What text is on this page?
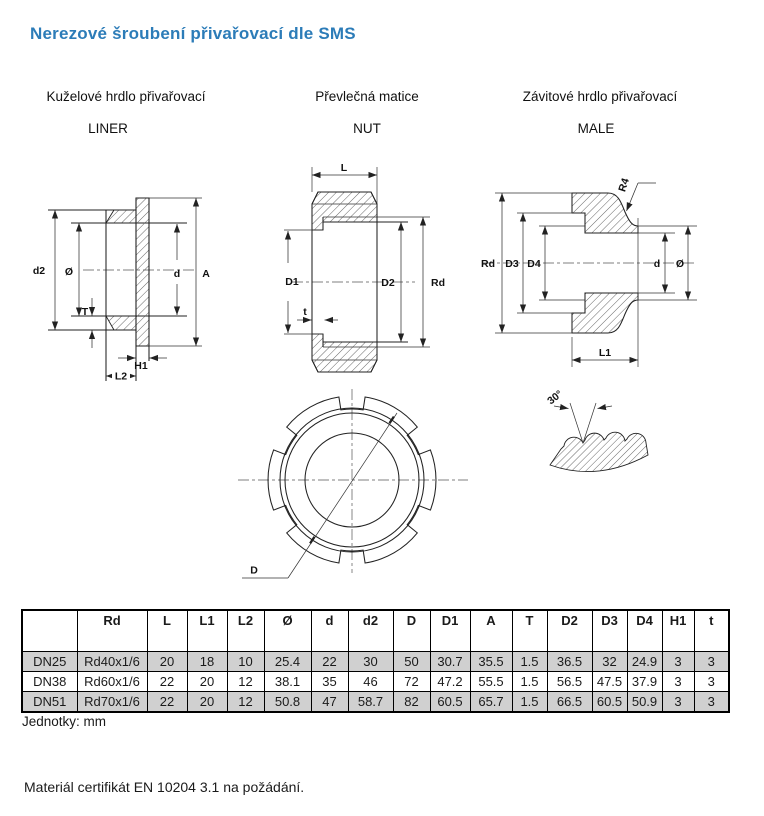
Nerezové šroubení přivařovací dle SMS
Kuželové hrdlo přivařovací	Převlečná matice	Závitové hrdlo přivařovací
LINER	NUT	MALE
d2 Ø
T
d A
H1
L2
L
D1	D2	Rd
t
Rd D3 D4	d Ø
L1
R4
D
30°
	Rd	L	L1	L2	Ø	d	d2	D	D1	A	T	D2	D3	D4	H1	t
DN25	Rd40x1/6	20	18	10	25.4	22	30	50	30.7	35.5	1.5	36.5	32	24.9	3	3
DN38	Rd60x1/6	22	20	12	38.1	35	46	72	47.2	55.5	1.5	56.5	47.5	37.9	3	3
DN51	Rd70x1/6	22	20	12	50.8	47	58.7	82	60.5	65.7	1.5	66.5	60.5	50.9	3	3
Jednotky: mm
Materiál certifikát EN 10204 3.1 na požádání.
